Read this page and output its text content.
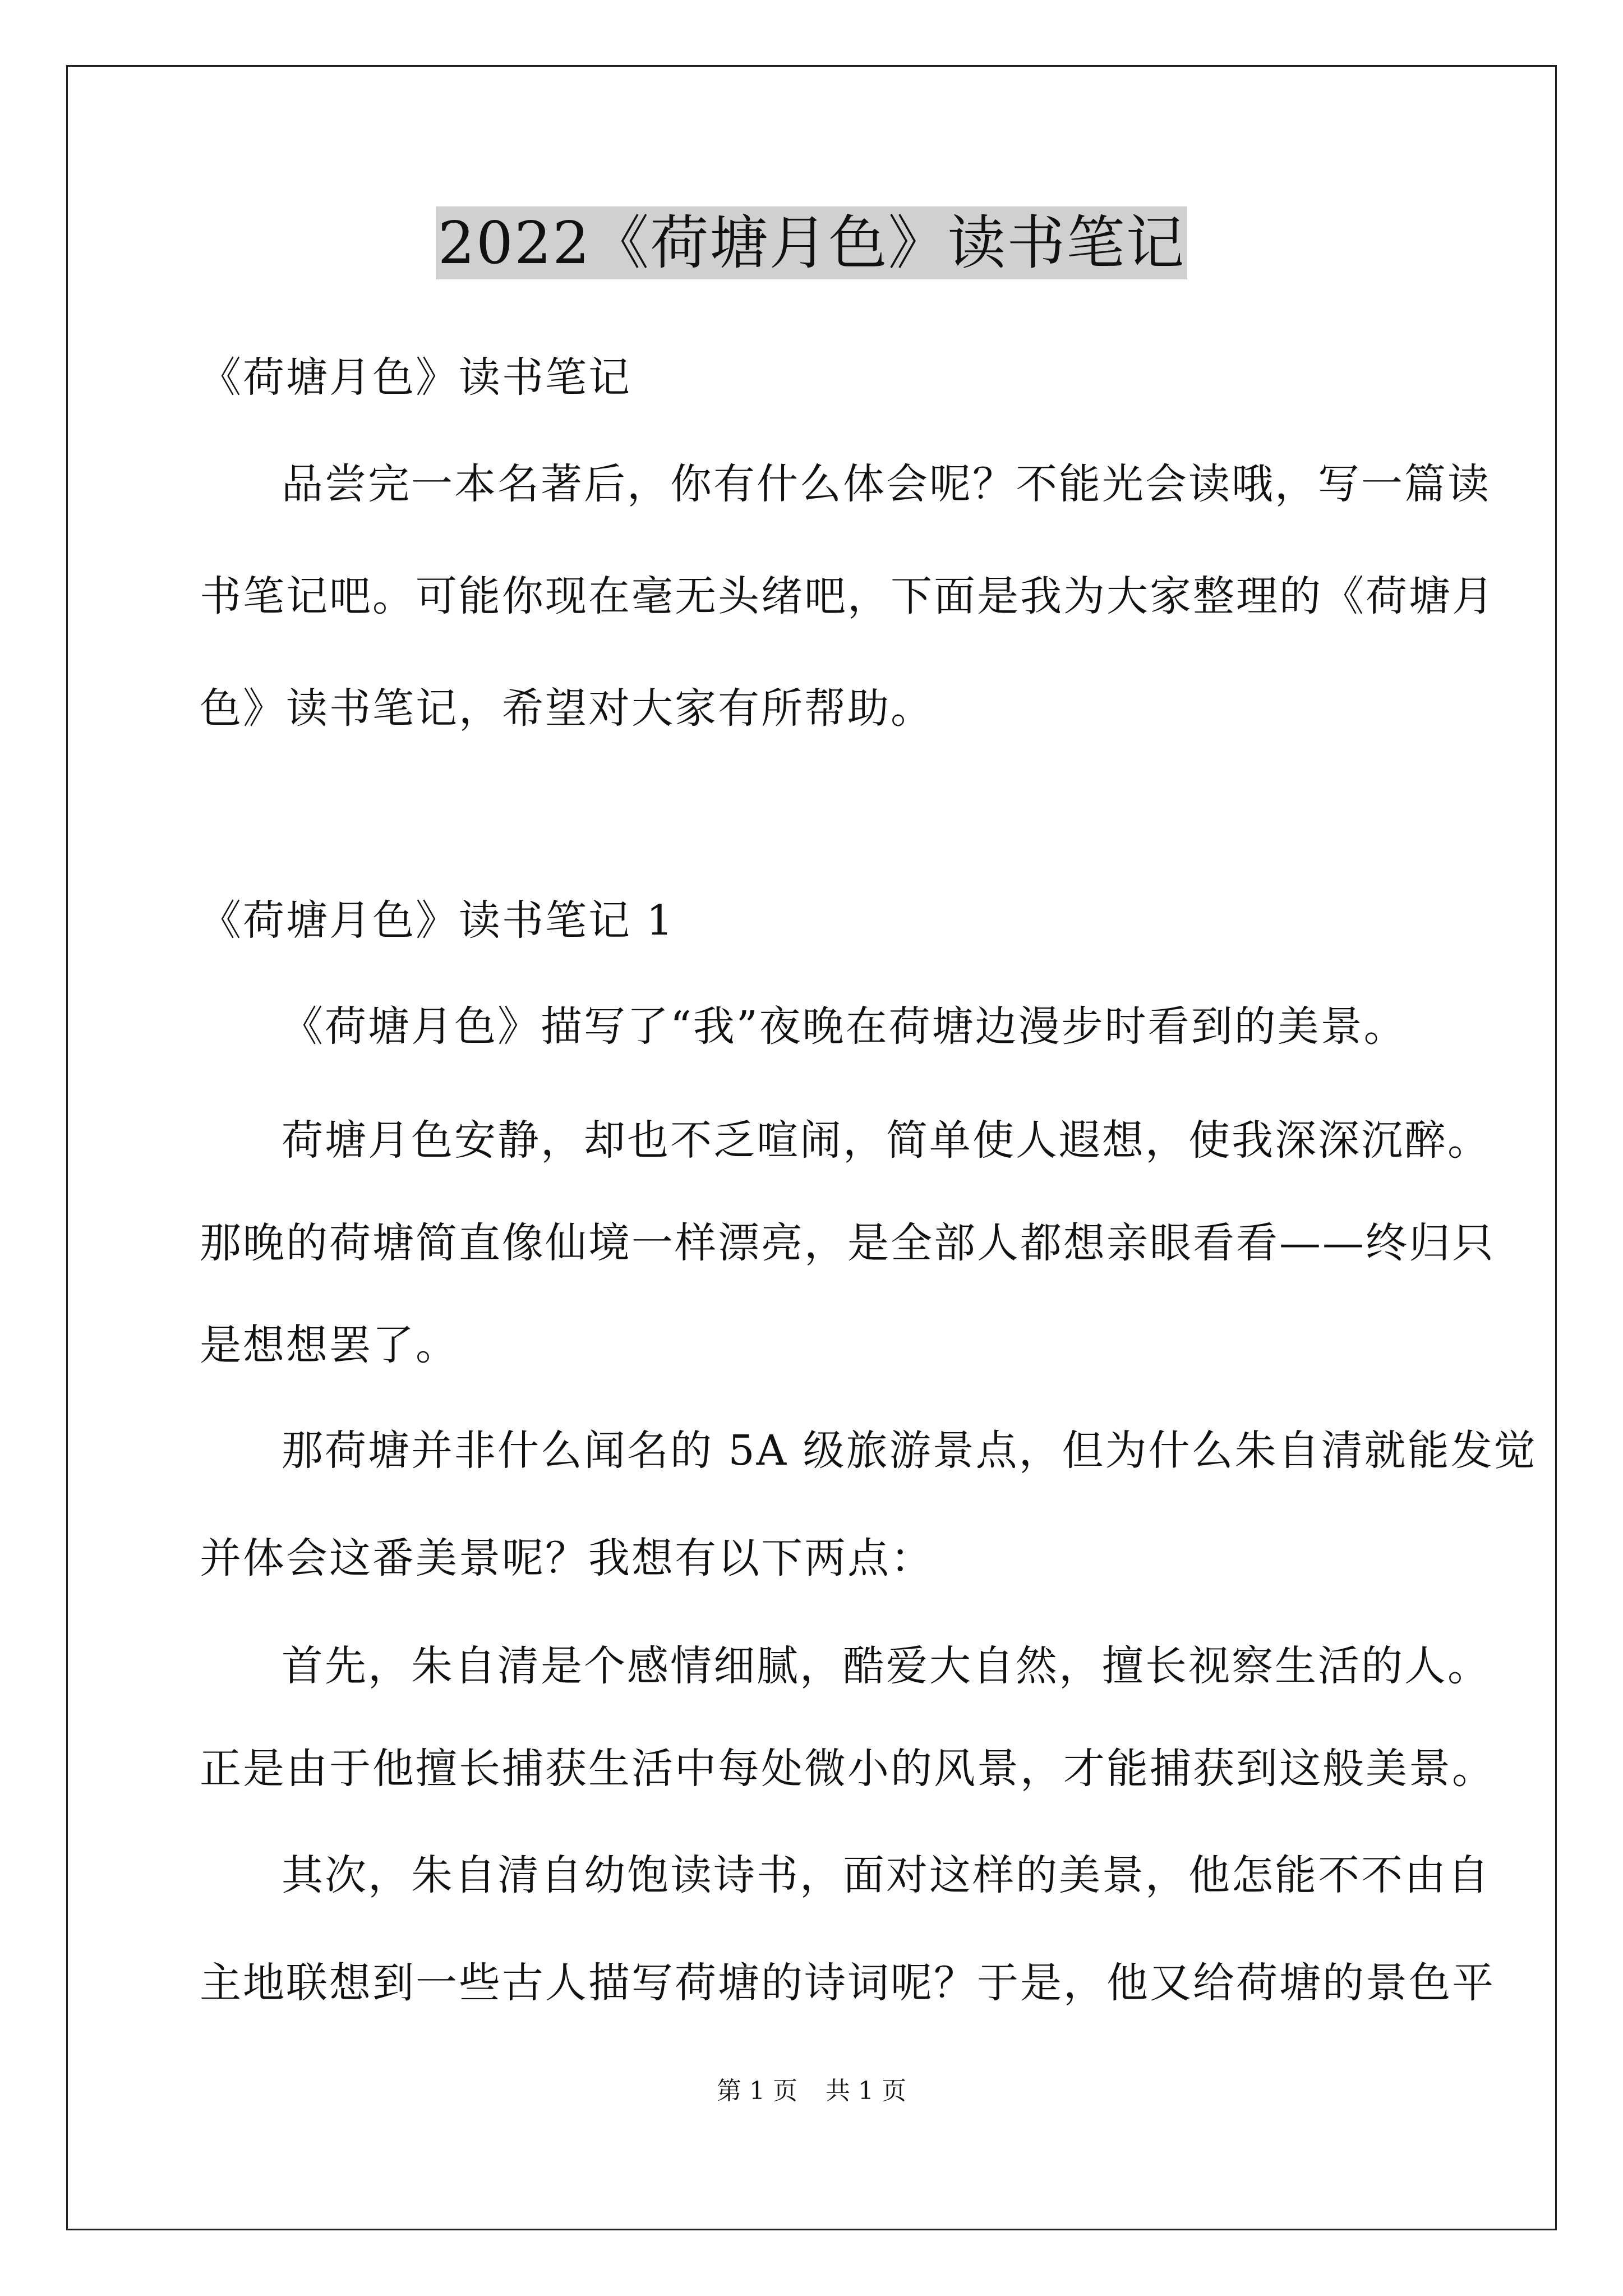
2022《荷塘月色》读书笔记
《荷塘月色》读书笔记
品尝完一本名著后，你有什么体会呢？不能光会读哦，写一篇读
书笔记吧。可能你现在毫无头绪吧，下面是我为大家整理的《荷塘月
色》读书笔记，希望对大家有所帮助。
《荷塘月色》读书笔记 1
《荷塘月色》描写了“我”夜晚在荷塘边漫步时看到的美景。
荷塘月色安静，却也不乏喧闹，简单使人遐想，使我深深沉醉。
那晚的荷塘简直像仙境一样漂亮，是全部人都想亲眼看看——终归只
是想想罢了。
那荷塘并非什么闻名的 5A 级旅游景点，但为什么朱自清就能发觉
并体会这番美景呢？我想有以下两点：
首先，朱自清是个感情细腻，酷爱大自然，擅长视察生活的人。
正是由于他擅长捕获生活中每处微小的风景，才能捕获到这般美景。
其次，朱自清自幼饱读诗书，面对这样的美景，他怎能不不由自
主地联想到一些古人描写荷塘的诗词呢？于是，他又给荷塘的景色平
第 1 页 共 1 页
